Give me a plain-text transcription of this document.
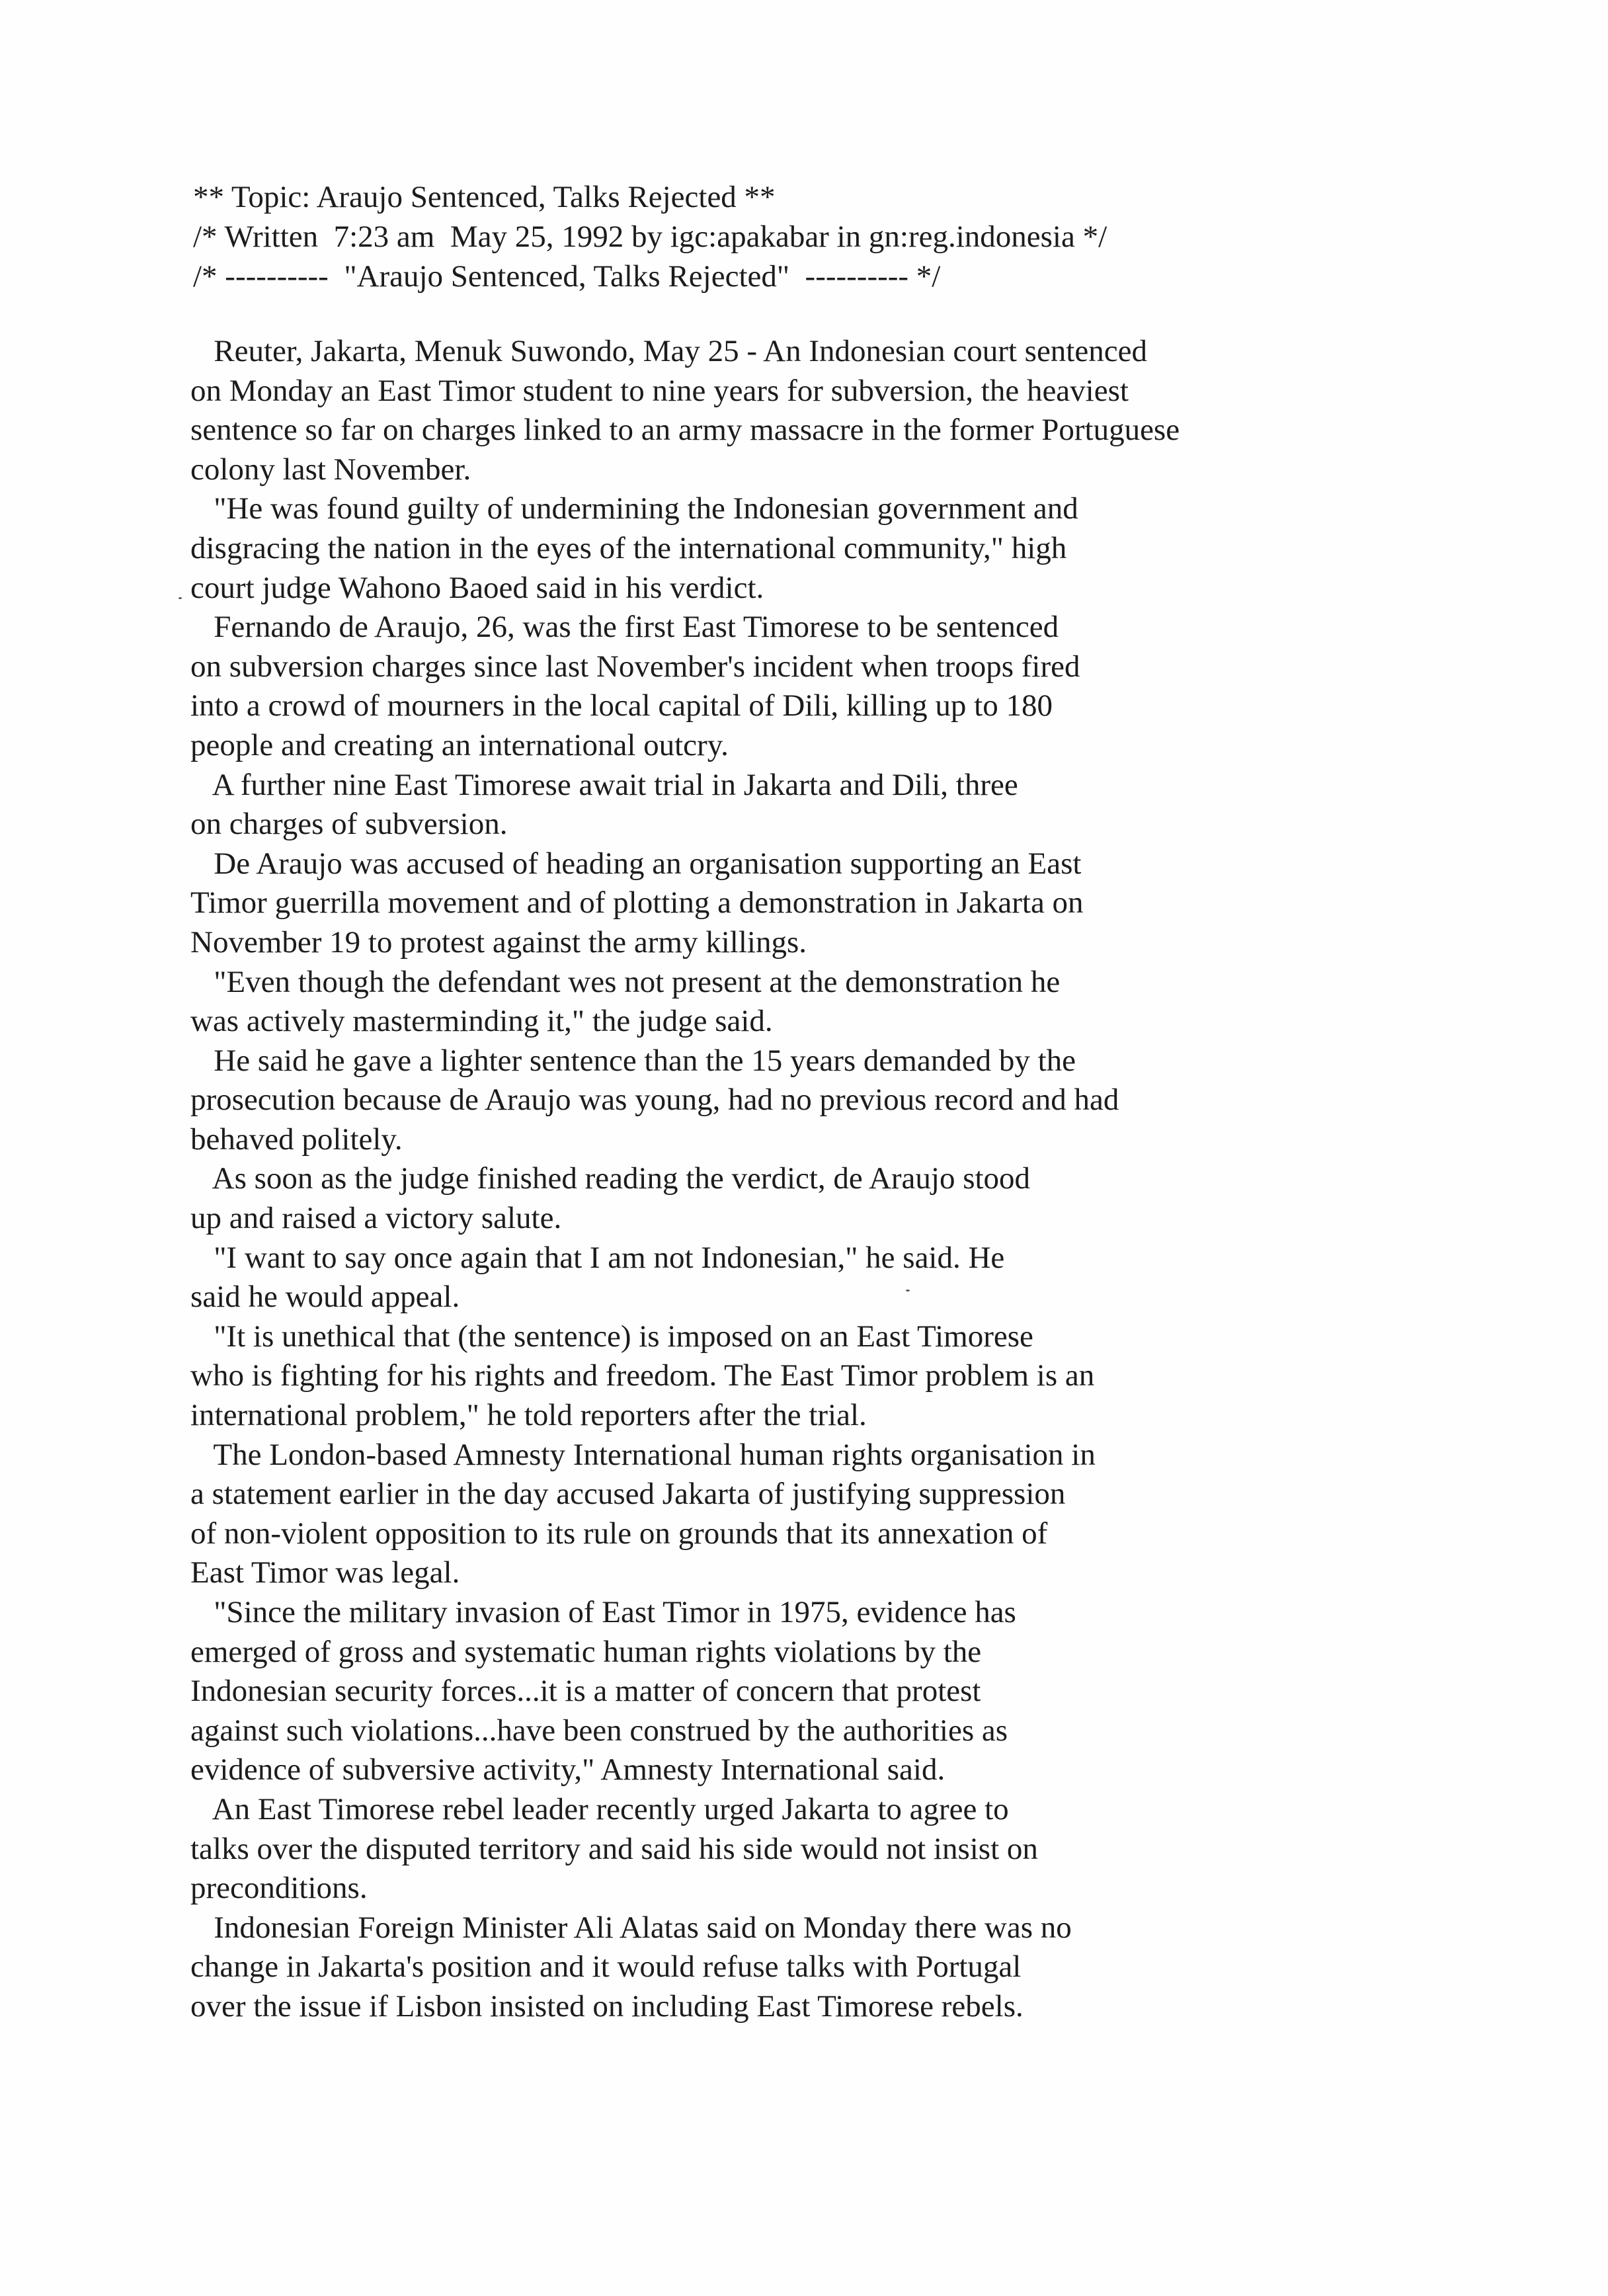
** Topic: Araujo Sentenced, Talks Rejected **
/* Written  7:23 am  May 25, 1992 by igc:apakabar in gn:reg.indonesia */
/* ----------  "Araujo Sentenced, Talks Rejected"  ---------- */
Reuter, Jakarta, Menuk Suwondo, May 25 - An Indonesian court sentenced
on Monday an East Timor student to nine years for subversion, the heaviest
sentence so far on charges linked to an army massacre in the former Portuguese
colony last November.
"He was found guilty of undermining the Indonesian government and
disgracing the nation in the eyes of the international community," high
court judge Wahono Baoed said in his verdict.
Fernando de Araujo, 26, was the first East Timorese to be sentenced
on subversion charges since last November's incident when troops fired
into a crowd of mourners in the local capital of Dili, killing up to 180
people and creating an international outcry.
A further nine East Timorese await trial in Jakarta and Dili, three
on charges of subversion.
De Araujo was accused of heading an organisation supporting an East
Timor guerrilla movement and of plotting a demonstration in Jakarta on
November 19 to protest against the army killings.
"Even though the defendant wes not present at the demonstration he
was actively masterminding it," the judge said.
He said he gave a lighter sentence than the 15 years demanded by the
prosecution because de Araujo was young, had no previous record and had
behaved politely.
As soon as the judge finished reading the verdict, de Araujo stood
up and raised a victory salute.
"I want to say once again that I am not Indonesian," he said. He
said he would appeal.
"It is unethical that (the sentence) is imposed on an East Timorese
who is fighting for his rights and freedom. The East Timor problem is an
international problem," he told reporters after the trial.
The London-based Amnesty International human rights organisation in
a statement earlier in the day accused Jakarta of justifying suppression
of non-violent opposition to its rule on grounds that its annexation of
East Timor was legal.
"Since the military invasion of East Timor in 1975, evidence has
emerged of gross and systematic human rights violations by the
Indonesian security forces...it is a matter of concern that protest
against such violations...have been construed by the authorities as
evidence of subversive activity," Amnesty International said.
An East Timorese rebel leader recently urged Jakarta to agree to
talks over the disputed territory and said his side would not insist on
preconditions.
Indonesian Foreign Minister Ali Alatas said on Monday there was no
change in Jakarta's position and it would refuse talks with Portugal
over the issue if Lisbon insisted on including East Timorese rebels.
